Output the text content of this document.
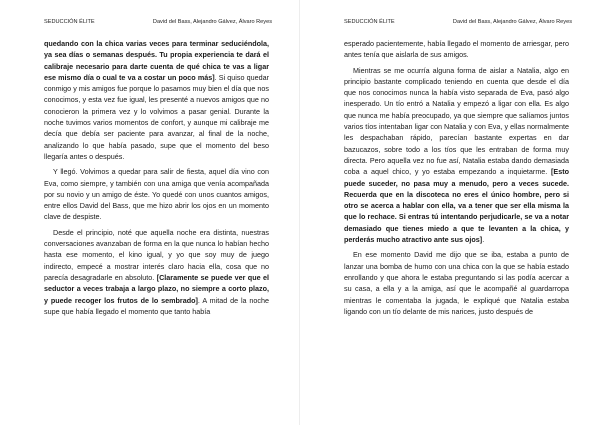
SEDUCCIÓN ÉLITE	David del Bass, Alejandro Gálvez, Álvaro Reyes

quedando con la chica varias veces para terminar seduciéndola, ya sea días o semanas después. Tu propia experiencia te dará el calibraje necesario para darte cuenta de qué chica te vas a ligar ese mismo día o cual te va a costar un poco más]. Si quiso quedar conmigo y mis amigos fue porque lo pasamos muy bien el día que nos conocimos, y esta vez fue igual, les presenté a nuevos amigos que no conocieron la primera vez y lo volvimos a pasar genial. Durante la noche tuvimos varios momentos de confort, y aunque mi calibraje me decía que debía ser paciente para avanzar, al final de la noche, analizando lo que había pasado, supe que el momento del beso llegaría antes o después.

Y llegó. Volvimos a quedar para salir de fiesta, aquel día vino con Eva, como siempre, y también con una amiga que venía acompañada por su novio y un amigo de éste. Yo quedé con unos cuantos amigos, entre ellos David del Bass, que me hizo abrir los ojos en un momento clave de despiste.

Desde el principio, noté que aquella noche era distinta, nuestras conversaciones avanzaban de forma en la que nunca lo habían hecho hasta ese momento, el kino igual, y yo que soy muy de juego indirecto, empecé a mostrar interés claro hacia ella, cosa que no parecía desagradarle en absoluto. [Claramente se puede ver que el seductor a veces trabaja a largo plazo, no siempre a corto plazo, y puede recoger los frutos de lo sembrado]. A mitad de la noche supe que había llegado el momento que tanto había

SEDUCCIÓN ÉLITE	David del Bass, Alejandro Gálvez, Álvaro Reyes

esperado pacientemente, había llegado el momento de arriesgar, pero antes tenía que aislarla de sus amigos.

Mientras se me ocurría alguna forma de aislar a Natalia, algo en principio bastante complicado teniendo en cuenta que desde el día que nos conocimos nunca la había visto separada de Eva, pasó algo inesperado. Un tío entró a Natalia y empezó a ligar con ella. Es algo que nunca me había preocupado, ya que siempre que salíamos juntos varios tíos intentaban ligar con Natalia y con Eva, y ellas normalmente les despachaban rápido, parecían bastante expertas en dar bazucazos, sobre todo a los tíos que les entraban de forma muy directa. Pero aquella vez no fue así, Natalia estaba dando demasiada coba a aquel chico, y yo estaba empezando a inquietarme. [Esto puede suceder, no pasa muy a menudo, pero a veces sucede. Recuerda que en la discoteca no eres el único hombre, pero si otro se acerca a hablar con ella, va a tener que ser ella misma la que lo rechace. Si entras tú intentando perjudicarle, se va a notar demasiado que tienes miedo a que te levanten a la chica, y perderás mucho atractivo ante sus ojos].

En ese momento David me dijo que se iba, estaba a punto de lanzar una bomba de humo con una chica con la que se había estado enrollando y que ahora le estaba preguntando si las podía acercar a su casa, a ella y a la amiga, así que le acompañé al guardarropa mientras le comentaba la jugada, le expliqué que Natalia estaba ligando con un tío delante de mis narices, justo después de
